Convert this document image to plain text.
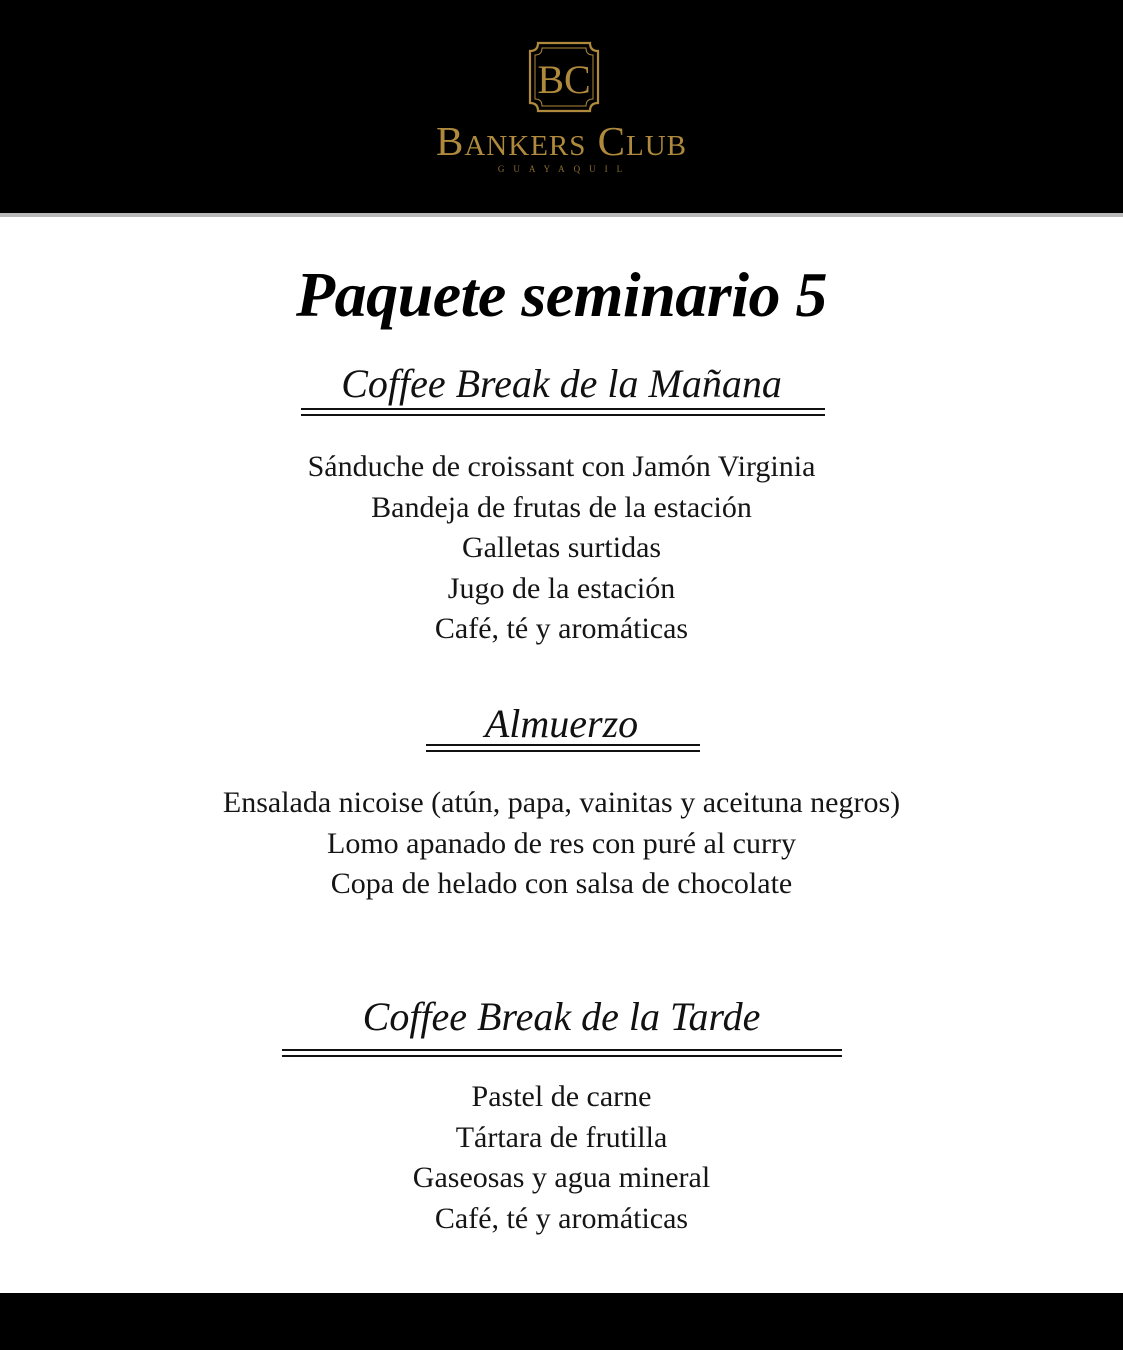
BC
Bankers Club
GUAYAQUIL
Paquete seminario 5
Coffee Break de la Mañana
Sánduche de croissant con Jamón Virginia
Bandeja de frutas de la estación
Galletas surtidas
Jugo de la estación
Café, té y aromáticas
Almuerzo
Ensalada nicoise (atún, papa, vainitas y aceituna negros)
Lomo apanado de res con puré al curry
Copa de helado con salsa de chocolate
Coffee Break de la Tarde
Pastel de carne
Tártara de frutilla
Gaseosas y agua mineral
Café, té y aromáticas
